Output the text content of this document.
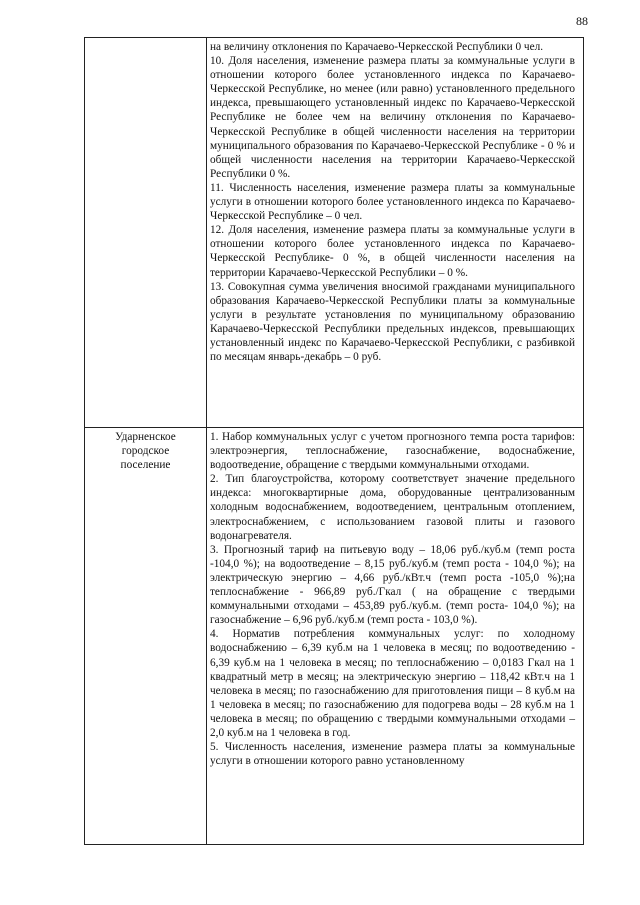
88

на величину отклонения по Карачаево-Черкесской Республики 0 чел.

10. Доля населения, изменение размера платы за коммунальные услуги в отношении которого более установленного индекса по Карачаево-Черкесской Республике, но менее (или равно) установленного предельного индекса, превышающего установленный индекс по Карачаево-Черкесской Республике не более чем на величину отклонения по Карачаево-Черкесской Республике в общей численности населения на территории муниципального образования по Карачаево-Черкесской Республике - 0 % и общей численности населения на территории Карачаево-Черкесской Республики 0 %.

11. Численность населения, изменение размера платы за коммунальные услуги в отношении которого более установленного индекса по Карачаево-Черкесской Республике – 0 чел.

12. Доля населения, изменение размера платы за коммунальные услуги в отношении которого более установленного индекса по Карачаево-Черкесской Республике- 0 %, в общей численности населения на территории Карачаево-Черкесской Республики – 0 %.

13. Совокупная сумма увеличения вносимой гражданами муниципального образования Карачаево-Черкесской Республики платы за коммунальные услуги в результате установления по муниципальному образованию Карачаево-Черкесской Республики предельных индексов, превышающих установленный индекс по Карачаево-Черкесской Республики, с разбивкой по месяцам январь-декабрь – 0 руб.

Ударненское
городское
поселение

1. Набор коммунальных услуг с учетом прогнозного темпа роста тарифов: электроэнергия, теплоснабжение, газоснабжение, водоснабжение, водоотведение, обращение с твердыми коммунальными отходами.

2. Тип благоустройства, которому соответствует значение предельного индекса: многоквартирные дома, оборудованные централизованным холодным водоснабжением, водоотведением, центральным отоплением, электроснабжением, с использованием газовой плиты и газового водонагревателя.

3. Прогнозный тариф на питьевую воду – 18,06 руб./куб.м (темп роста -104,0 %); на водоотведение – 8,15 руб./куб.м (темп роста - 104,0 %); на электрическую энергию – 4,66 руб./кВт.ч (темп роста -105,0 %);на теплоснабжение - 966,89 руб./Гкал ( на обращение с твердыми коммунальными отходами – 453,89 руб./куб.м. (темп роста- 104,0 %); на газоснабжение – 6,96 руб./куб.м (темп роста - 103,0 %).

4. Норматив потребления коммунальных услуг: по холодному водоснабжению – 6,39 куб.м на 1 человека в месяц; по водоотведению - 6,39 куб.м на 1 человека в месяц; по теплоснабжению – 0,0183 Гкал на 1 квадратный метр в месяц; на электрическую энергию – 118,42 кВт.ч на 1 человека в месяц; по газоснабжению для приготовления пищи – 8 куб.м на 1 человека в месяц; по газоснабжению для подогрева воды – 28 куб.м на 1 человека в месяц; по обращению с твердыми коммунальными отходами – 2,0 куб.м на 1 человека в год.

5. Численность населения, изменение размера платы за коммунальные услуги в отношении которого равно установленному
